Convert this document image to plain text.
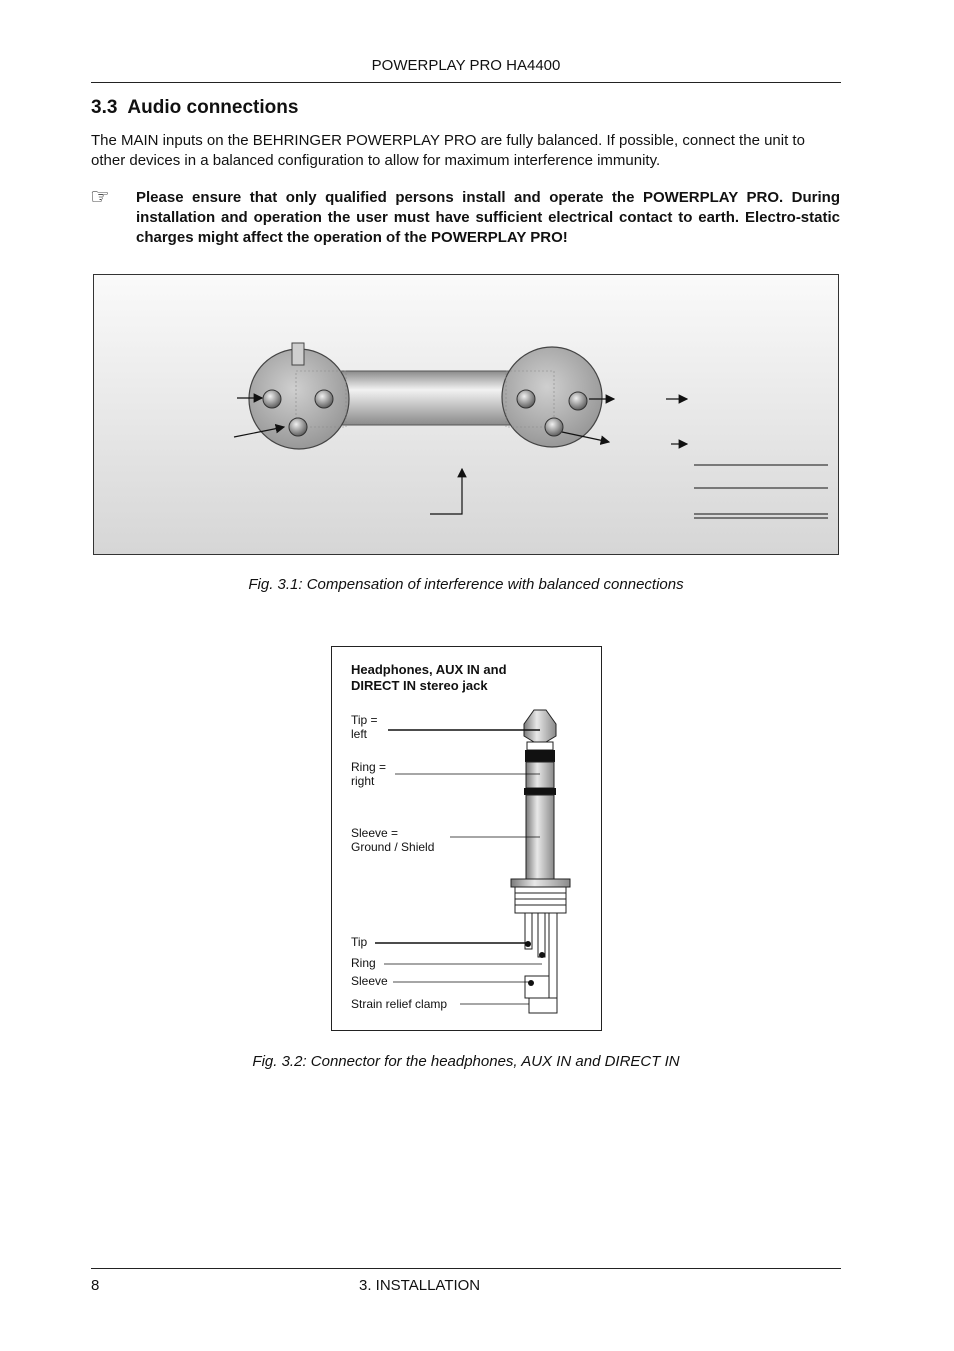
POWERPLAY PRO HA4400
3.3 Audio connections
The MAIN inputs on the BEHRINGER POWERPLAY PRO are fully balanced. If possible, connect the unit to other devices in a balanced configuration to allow for maximum interference immunity.
☞ Please ensure that only qualified persons install and operate the POWERPLAY PRO. During installation and operation the user must have sufficient electrical contact to earth. Electro-static charges might affect the operation of the POWERPLAY PRO!
Fig. 3.1: Compensation of interference with balanced connections
Headphones, AUX IN and
DIRECT IN stereo jack
Tip =
left
Ring =
right
Sleeve =
Ground / Shield
Tip
Ring
Sleeve
Strain relief clamp
Fig. 3.2: Connector for the headphones, AUX IN and DIRECT IN
8	3. INSTALLATION
